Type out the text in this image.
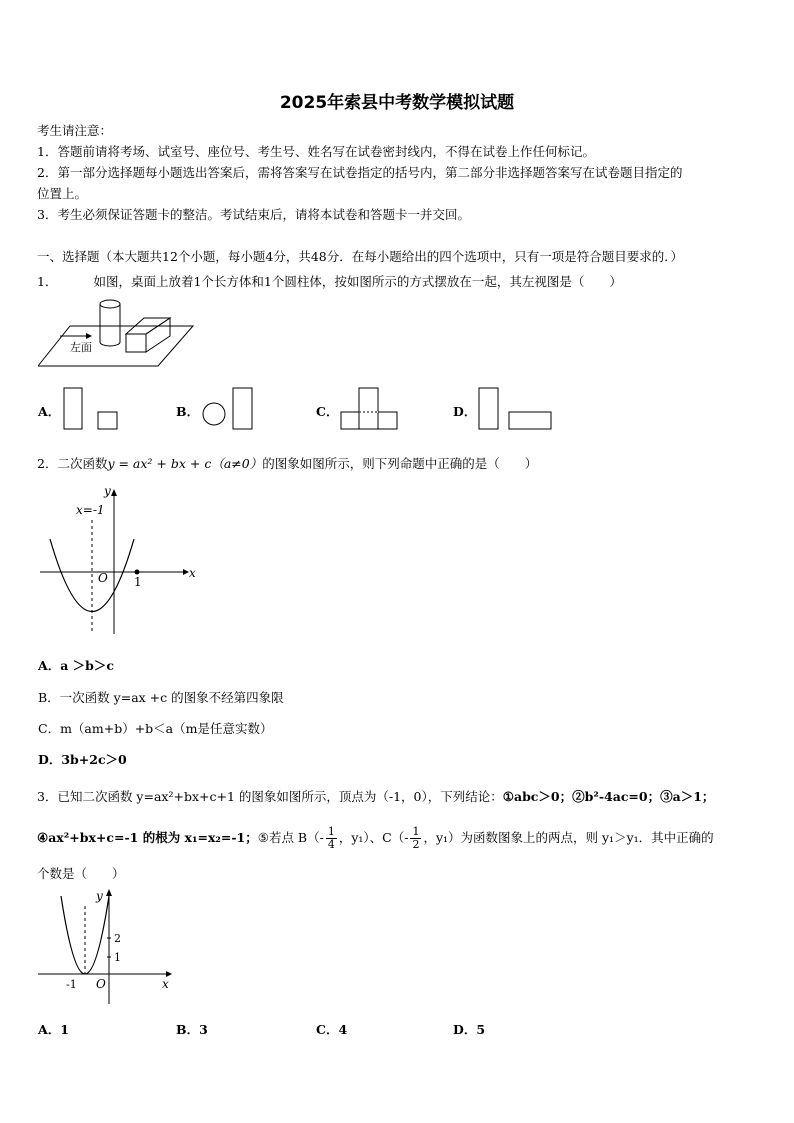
2025年索县中考数学模拟试题
考生请注意：
1．答题前请将考场、试室号、座位号、考生号、姓名写在试卷密封线内，不得在试卷上作任何标记。
2．第一部分选择题每小题选出答案后，需将答案写在试卷指定的括号内，第二部分非选择题答案写在试卷题目指定的
位置上。
3．考生必须保证答题卡的整洁。考试结束后，请将本试卷和答题卡一并交回。
一、选择题（本大题共12个小题，每小题4分，共48分．在每小题给出的四个选项中，只有一项是符合题目要求的．）
1．	如图，桌面上放着1个长方体和1个圆柱体，按如图所示的方式摆放在一起，其左视图是（　　）
左面
A．	B．	C．	D．
2．二次函数y = ax² + bx + c（a≠0）的图象如图所示，则下列命题中正确的是（　　）
y
x
x=-1
O 1
A．a ＞b＞c
B．一次函数 y=ax +c 的图象不经第四象限
C．m（am+b）+b＜a（m是任意实数）
D．3b+2c＞0
3．已知二次函数 y=ax²+bx+c+1 的图象如图所示，顶点为（-1，0），下列结论：①abc＞0；②b²-4ac=0；③a＞1；
④ax²+bx+c=-1 的根为 x₁=x₂=-1；⑤若点 $B(- \frac{1}{4}$ ，y₁）、$C(- \frac{1}{2}$ ，y₁）为函数图象上的两点，则 y₁＞y₁．其中正确的
个数是（　　）
y
x
O
-1
2
1
A．1	B．3	C．4	D．5
